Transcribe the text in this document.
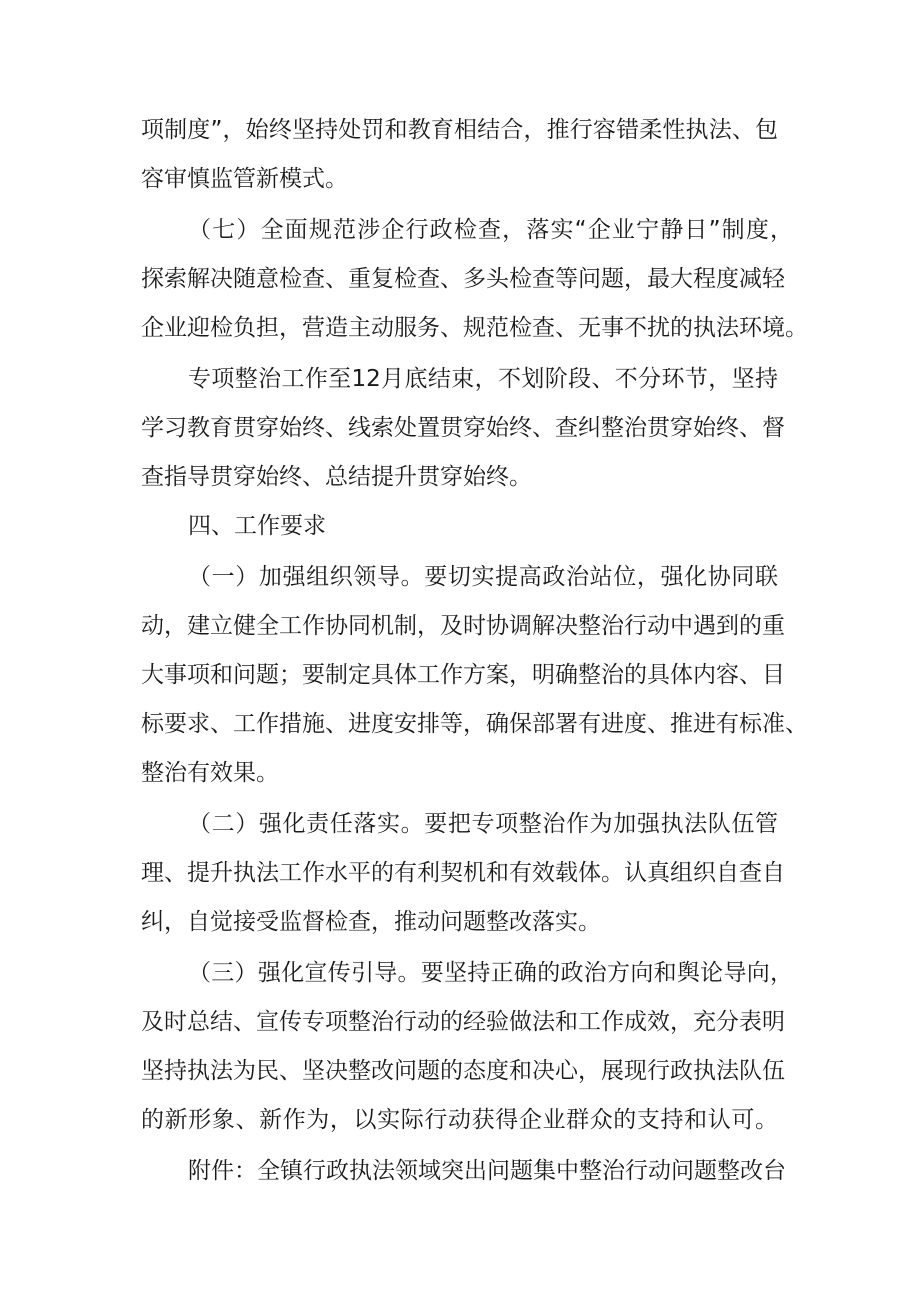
项制度”，始终坚持处罚和教育相结合，推行容错柔性执法、包
容审慎监管新模式。
（七）全面规范涉企行政检查，落实“企业宁静日”制度，
探索解决随意检查、重复检查、多头检查等问题，最大程度减轻
企业迎检负担，营造主动服务、规范检查、无事不扰的执法环境。
专项整治工作至12月底结束，不划阶段、不分环节，坚持
学习教育贯穿始终、线索处置贯穿始终、查纠整治贯穿始终、督
查指导贯穿始终、总结提升贯穿始终。
四、工作要求
（一）加强组织领导。要切实提高政治站位，强化协同联
动，建立健全工作协同机制，及时协调解决整治行动中遇到的重
大事项和问题；要制定具体工作方案，明确整治的具体内容、目
标要求、工作措施、进度安排等，确保部署有进度、推进有标准、
整治有效果。
（二）强化责任落实。要把专项整治作为加强执法队伍管
理、提升执法工作水平的有利契机和有效载体。认真组织自查自
纠，自觉接受监督检查，推动问题整改落实。
（三）强化宣传引导。要坚持正确的政治方向和舆论导向，
及时总结、宣传专项整治行动的经验做法和工作成效，充分表明
坚持执法为民、坚决整改问题的态度和决心，展现行政执法队伍
的新形象、新作为，以实际行动获得企业群众的支持和认可。
附件：全镇行政执法领域突出问题集中整治行动问题整改台
